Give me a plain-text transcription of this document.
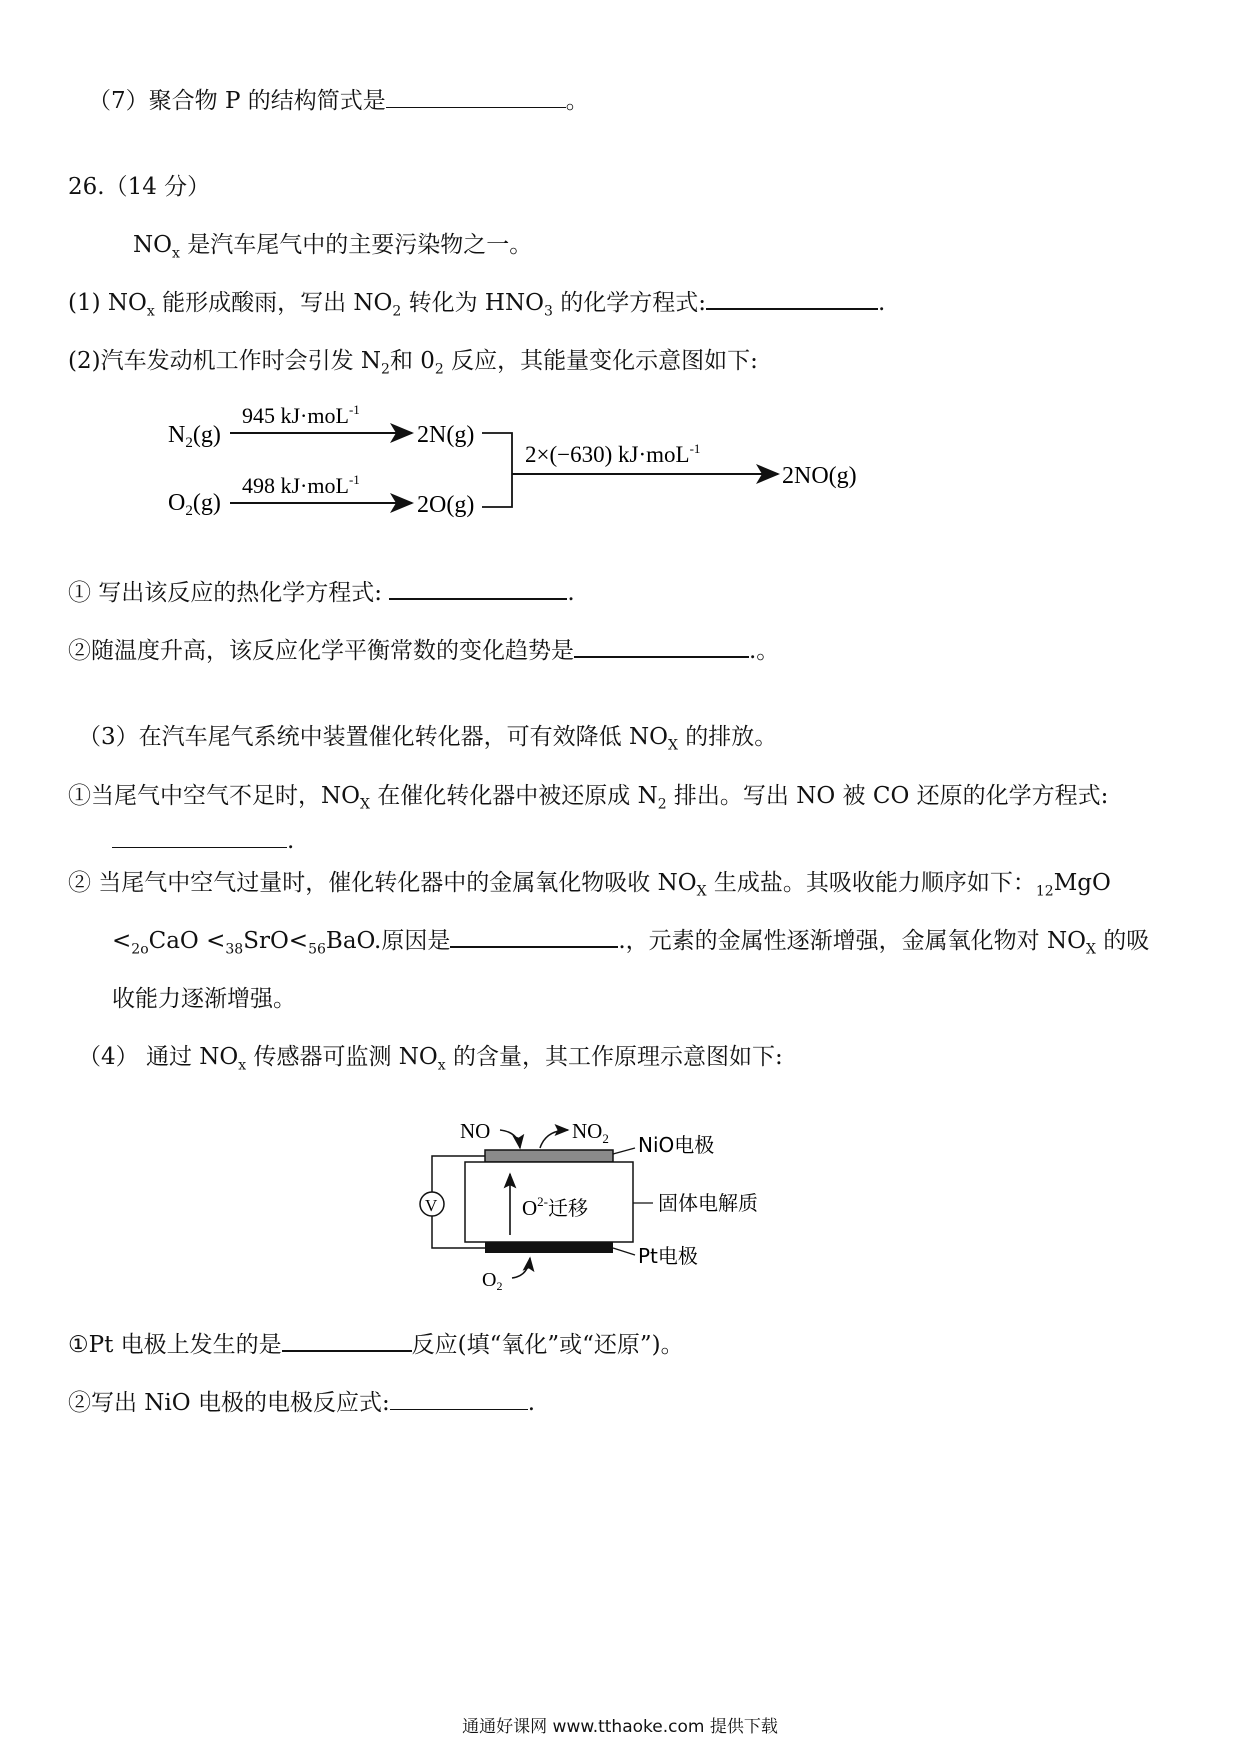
（7）聚合物 P 的结构简式是	。
26.（14 分）
$NO_x$ 是汽车尾气中的主要污染物之一。
(1) $NO_x$ 能形成酸雨，写出 $NO_2$ 转化为 $HNO_3$ 的化学方程式:	.
(2)汽车发动机工作时会引发 $N_2$和 $0_2$ 反应，其能量变化示意图如下:
$N_2(g)$
945 kJ·moL$^{-1}$
2N(g)
$O_2(g)$
498 kJ·moL$^{-1}$
2O(g)
2×(−630) kJ·moL$^{-1}$
2NO(g)
① 写出该反应的热化学方程式:	.
②随温度升高，该反应化学平衡常数的变化趋势是	.。
（3）在汽车尾气系统中装置催化转化器，可有效降低 $NO_X$ 的排放。
①当尾气中空气不足时，$NO_X$ 在催化转化器中被还原成 $N_2$ 排出。写出 NO 被 CO 还原的化学方程式:
.
② 当尾气中空气过量时，催化转化器中的金属氧化物吸收 $NO_X$ 生成盐。其吸收能力顺序如下：$_{12}$MgO
$<_{2o}CaO <_{38}SrO<_{56}BaO$.原因是	.，元素的金属性逐渐增强，金属氧化物对 $NO_X$ 的吸
收能力逐渐增强。
（4） 通过 $NO_x$ 传感器可监测 $NO_x$ 的含量，其工作原理示意图如下:
NO	$NO_2$ NiO电极
$O^{2-}$迁移	固体电解质
Pt电极
V
$O_2$
①Pt 电极上发生的是	反应(填“氧化”或“还原”)。
②写出 NiO 电极的电极反应式:	.
通通好课网 www.tthaoke.com 提供下载
